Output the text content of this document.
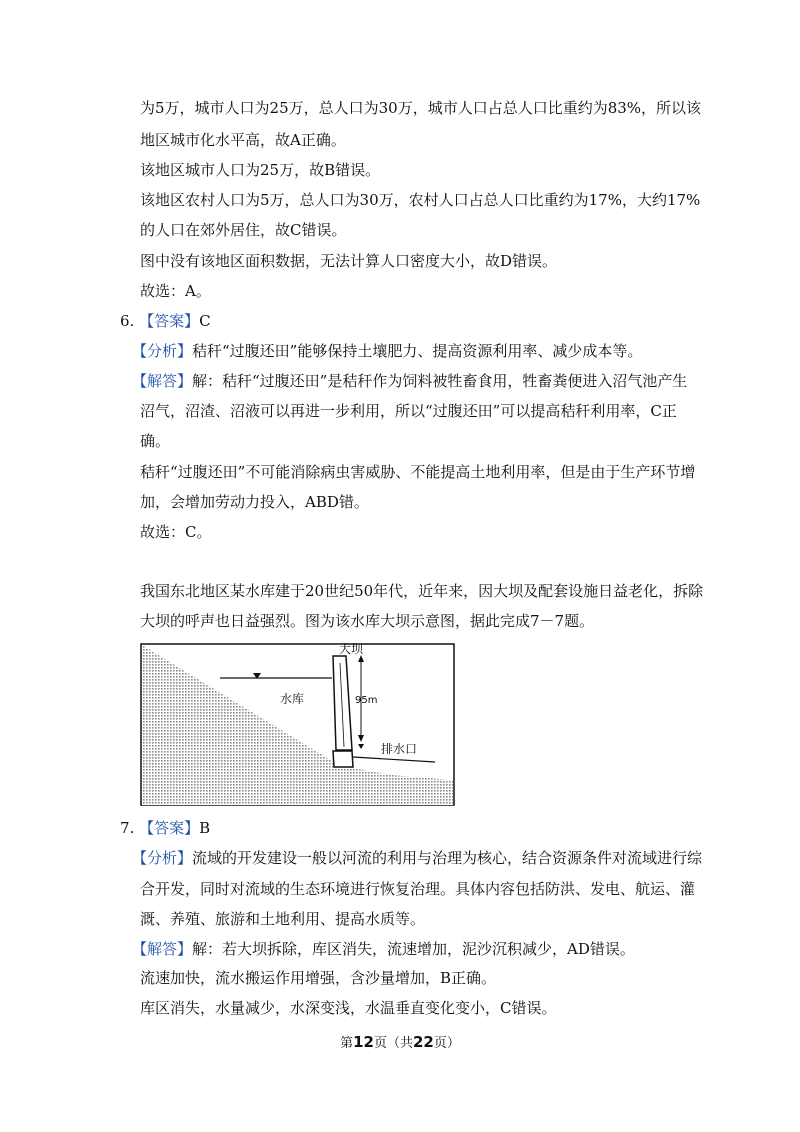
为5万，城市人口为25万，总人口为30万，城市人口占总人口比重约为83%，所以该
地区城市化水平高，故A正确。
该地区城市人口为25万，故B错误。
该地区农村人口为5万，总人口为30万，农村人口占总人口比重约为17%，大约17%
的人口在郊外居住，故C错误。
图中没有该地区面积数据，无法计算人口密度大小，故D错误。
故选：A。
6. 【答案】C
【分析】秸秆“过腹还田”能够保持土壤肥力、提高资源利用率、减少成本等。
【解答】解：秸秆“过腹还田”是秸秆作为饲料被牲畜食用，牲畜粪便进入沼气池产生
沼气，沼渣、沼液可以再进一步利用，所以“过腹还田”可以提高秸秆利用率，C正
确。
秸秆“过腹还田”不可能消除病虫害威胁、不能提高土地利用率，但是由于生产环节增
加，会增加劳动力投入，ABD错。
故选：C。
我国东北地区某水库建于20世纪50年代，近年来，因大坝及配套设施日益老化，拆除
大坝的呼声也日益强烈。图为该水库大坝示意图，据此完成7－7题。
大坝
水库	95m
排水口
7. 【答案】B
【分析】流域的开发建设一般以河流的利用与治理为核心，结合资源条件对流域进行综
合开发，同时对流域的生态环境进行恢复治理。具体内容包括防洪、发电、航运、灌
溉、养殖、旅游和土地利用、提高水质等。
【解答】解：若大坝拆除，库区消失，流速增加，泥沙沉积减少，AD错误。
流速加快，流水搬运作用增强，含沙量增加，B正确。
库区消失，水量减少，水深变浅，水温垂直变化变小，C错误。
第12页（共22页）
